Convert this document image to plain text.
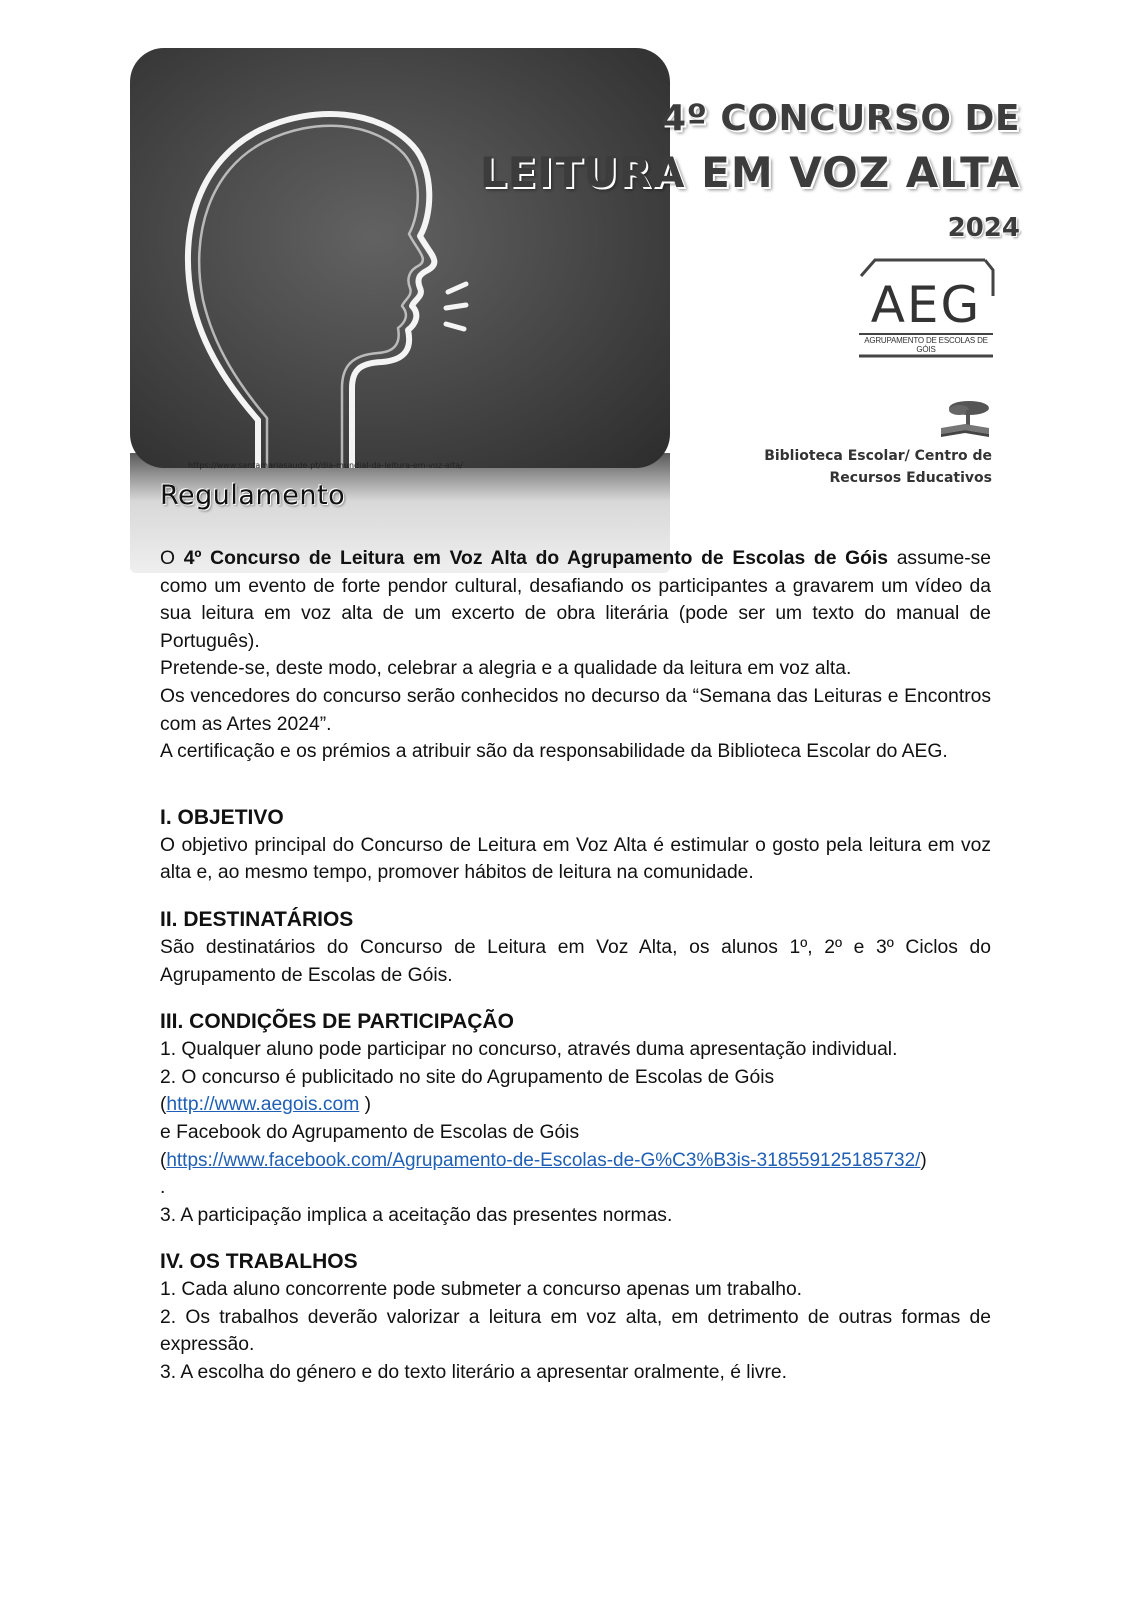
https://www.santamariasaude.pt/dia-mundial-da-leitura-em-voz-alta/
Regulamento
4º CONCURSO DE
LEITURA EM VOZ ALTA
2024
AEG
AGRUPAMENTO DE ESCOLAS DE GÓIS
Biblioteca Escolar/ Centro de
Recursos Educativos

O 4º Concurso de Leitura em Voz Alta do Agrupamento de Escolas de Góis assume-se como um evento de forte pendor cultural, desafiando os participantes a gravarem um vídeo da sua leitura em voz alta de um excerto de obra literária (pode ser um texto do manual de Português).

Pretende-se, deste modo, celebrar a alegria e a qualidade da leitura em voz alta.

Os vencedores do concurso serão conhecidos no decurso da “Semana das Leituras e Encontros com as Artes 2024”.

A certificação e os prémios a atribuir são da responsabilidade da Biblioteca Escolar do AEG.

I. OBJETIVO

O objetivo principal do Concurso de Leitura em Voz Alta é estimular o gosto pela leitura em voz alta e, ao mesmo tempo, promover hábitos de leitura na comunidade.

II. DESTINATÁRIOS

São destinatários do Concurso de Leitura em Voz Alta, os alunos 1º, 2º e 3º Ciclos do Agrupamento de Escolas de Góis.

III. CONDIÇÕES DE PARTICIPAÇÃO

1. Qualquer aluno pode participar no concurso, através duma apresentação individual.

2. O concurso é publicitado no site do Agrupamento de Escolas de Góis

(http://www.aegois.com )

e Facebook do Agrupamento de Escolas de Góis

(https://www.facebook.com/Agrupamento-de-Escolas-de-G%C3%B3is-318559125185732/)

.

3. A participação implica a aceitação das presentes normas.

IV. OS TRABALHOS

1. Cada aluno concorrente pode submeter a concurso apenas um trabalho.

2. Os trabalhos deverão valorizar a leitura em voz alta, em detrimento de outras formas de expressão.

3. A escolha do género e do texto literário a apresentar oralmente, é livre.
